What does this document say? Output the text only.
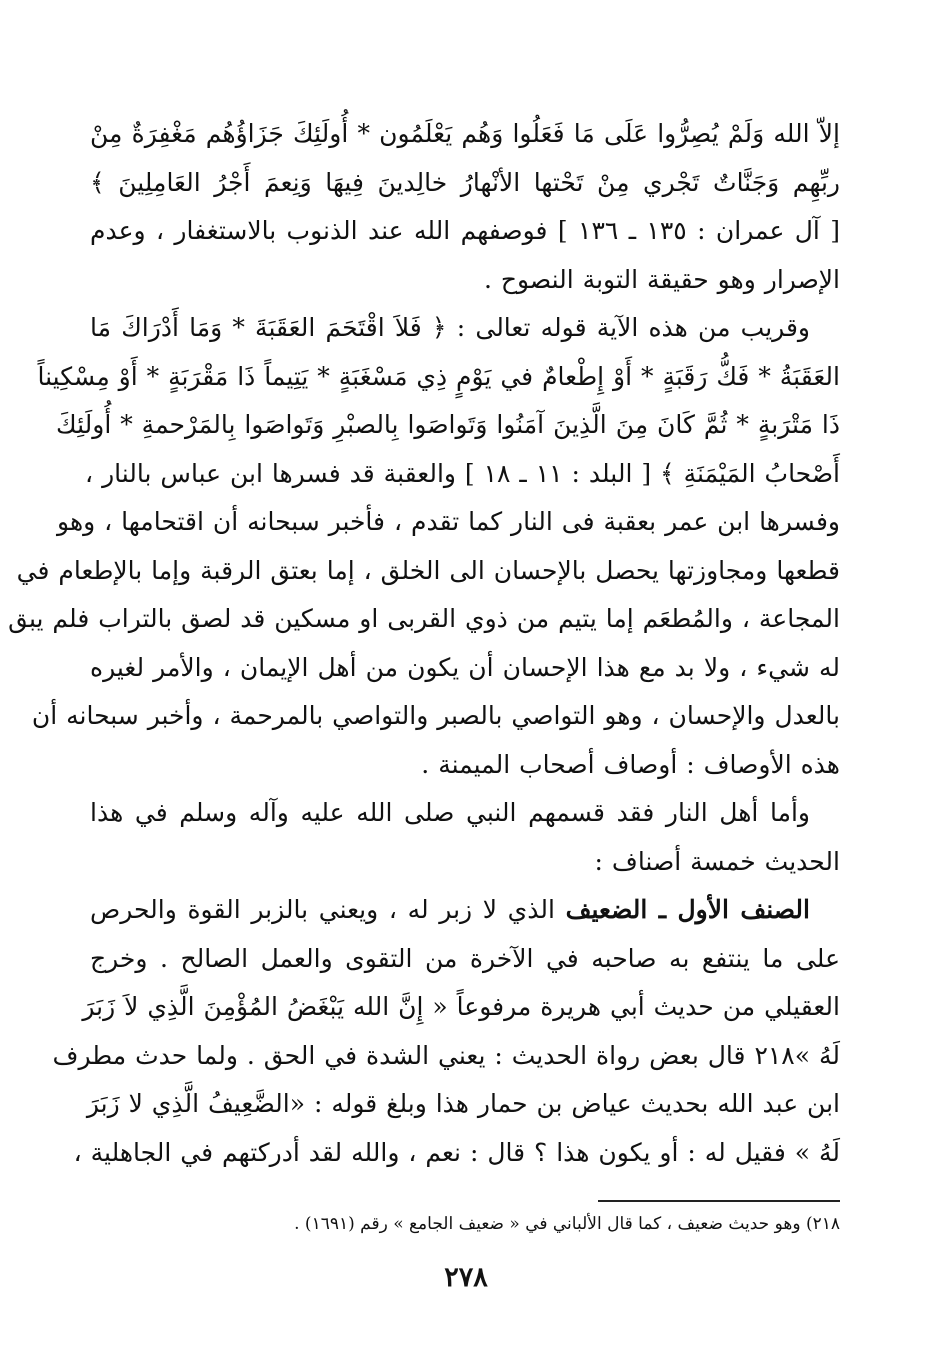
إلاّ الله وَلَمْ يُصِرُّوا عَلَى مَا فَعَلُوا وَهُم يَعْلَمُون * أُولَئِكَ جَزَاؤُهُم مَغْفِرَةٌ مِنْ
ربِّهِم وَجَنَّاتٌ تَجْري مِنْ تَحْتها الأنْهارُ خالِدينَ فِيهَا وَنِعمَ أَجْرُ العَامِلِينَ ﴾
[ آل عمران : ١٣٥ ـ ١٣٦ ] فوصفهم الله عند الذنوب بالاستغفار ، وعدم
الإصرار وهو حقيقة التوبة النصوح .

وقريب من هذه الآية قوله تعالى : ﴿ فَلاَ اقْتَحَمَ العَقَبَةَ * وَمَا أَدْرَاكَ مَا
العَقَبَةُ * فَكُّ رَقَبَةٍ * أَوْ إِطْعامٌ في يَوْمٍ ذِي مَسْغَبَةٍ * يَتِيماً ذَا مَقْرَبَةٍ * أَوْ مِسْكِيناً
ذَا مَتْرَبةٍ * ثُمَّ كَانَ مِنَ الَّذِينَ آمَنُوا وَتَواصَوا بِالصبْرِ وَتَواصَوا بِالمَرْحمةِ * أُولَئِكَ
أَصْحابُ المَيْمَنَةِ ﴾ [ البلد : ١١ ـ ١٨ ] والعقبة قد فسرها ابن عباس بالنار ،
وفسرها ابن عمر بعقبة فى النار كما تقدم ، فأخبر سبحانه أن اقتحامها ، وهو
قطعها ومجاوزتها يحصل بالإحسان الى الخلق ، إما بعتق الرقبة وإما بالإطعام في
المجاعة ، والمُطعَم إما يتيم من ذوي القربى او مسكين قد لصق بالتراب فلم يبق
له شيء ، ولا بد مع هذا الإحسان أن يكون من أهل الإيمان ، والأمر لغيره
بالعدل والإحسان ، وهو التواصي بالصبر والتواصي بالمرحمة ، وأخبر سبحانه أن
هذه الأوصاف : أوصاف أصحاب الميمنة .

وأما أهل النار فقد قسمهم النبي صلى الله عليه وآله وسلم في هذا
الحديث خمسة أصناف :

الصنف الأول ـ الضعيف الذي لا زبر له ، ويعني بالزبر القوة والحرص
على ما ينتفع به صاحبه في الآخرة من التقوى والعمل الصالح . وخرج
العقيلي من حديث أبي هريرة مرفوعاً « إِنَّ الله يَبْغَضُ المُؤْمِنَ الَّذِي لاَ زَبَرَ
لَهُ »٢١٨ قال بعض رواة الحديث : يعني الشدة في الحق . ولما حدث مطرف
ابن عبد الله بحديث عياض بن حمار هذا وبلغ قوله : «الضَّعِيفُ الَّذِي لا زَبَرَ
لَهُ » فقيل له : أو يكون هذا ؟ قال : نعم ، والله لقد أدركتهم في الجاهلية ،

٢١٨) وهو حديث ضعيف ، كما قال الألباني في « ضعيف الجامع » رقم (١٦٩١) .
٢٧٨
